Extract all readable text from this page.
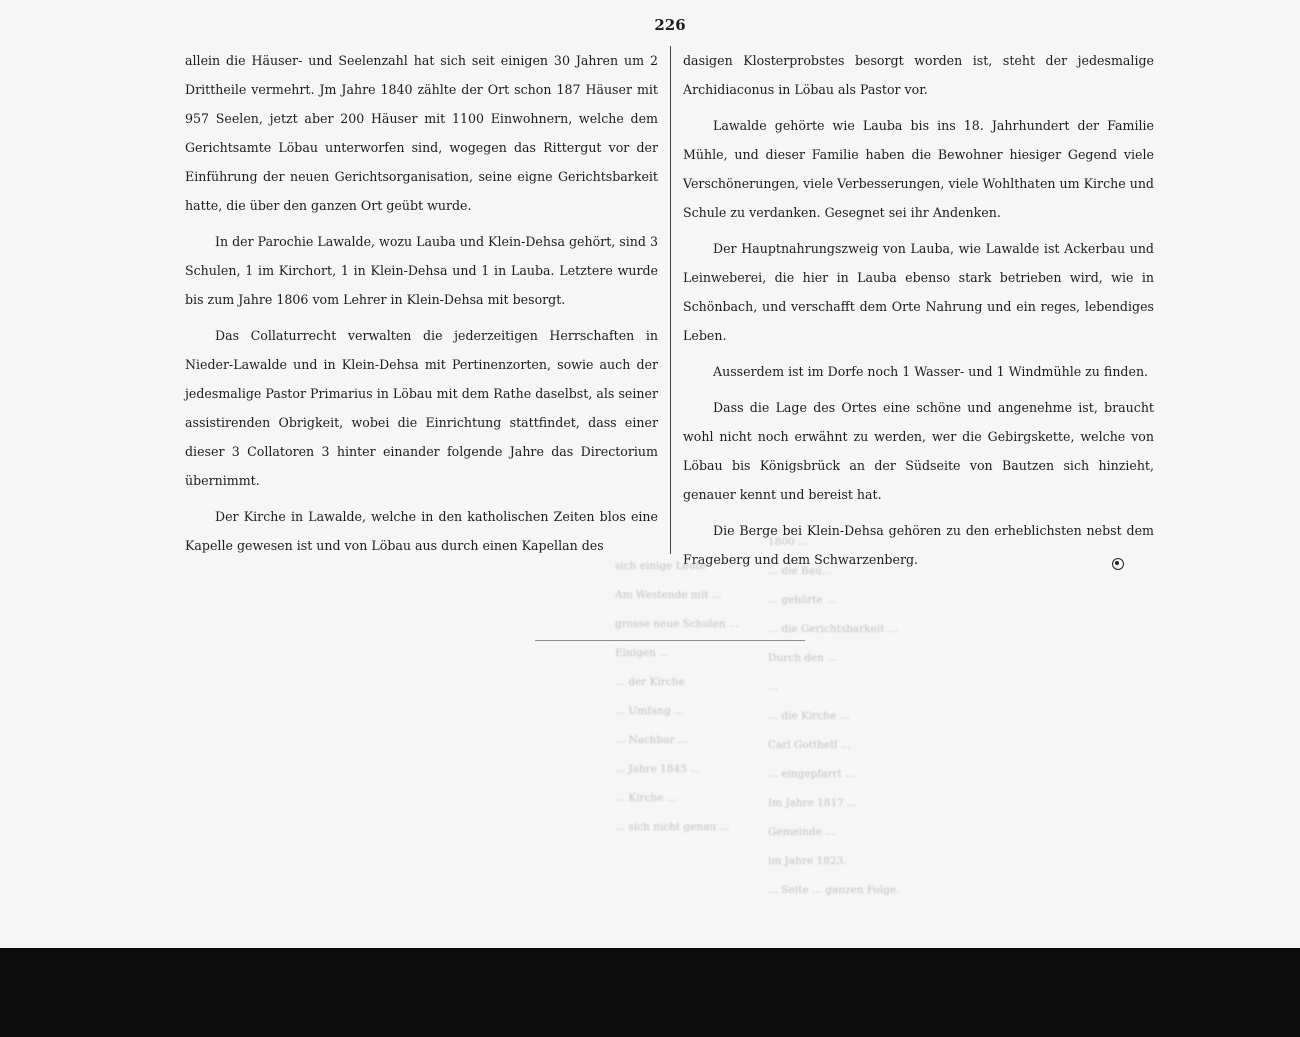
226

allein die Häuser- und Seelenzahl hat sich seit einigen 30 Jahren um 2 Drittheile vermehrt. Jm Jahre 1840 zählte der Ort schon 187 Häuser mit 957 Seelen, jetzt aber 200 Häuser mit 1100 Einwohnern, welche dem Gerichtsamte Löbau unterworfen sind, wogegen das Rittergut vor der Einführung der neuen Gerichtsorganisation, seine eigne Gerichtsbarkeit hatte, die über den ganzen Ort geübt wurde.

In der Parochie Lawalde, wozu Lauba und Klein-Dehsa gehört, sind 3 Schulen, 1 im Kirchort, 1 in Klein-Dehsa und 1 in Lauba. Letztere wurde bis zum Jahre 1806 vom Lehrer in Klein-Dehsa mit besorgt.

Das Collaturrecht verwalten die jederzeitigen Herrschaften in Nieder-Lawalde und in Klein-Dehsa mit Pertinenzorten, sowie auch der jedesmalige Pastor Primarius in Löbau mit dem Rathe daselbst, als seiner assistirenden Obrigkeit, wobei die Einrichtung stattfindet, dass einer dieser 3 Collatoren 3 hinter einander folgende Jahre das Directorium übernimmt.

Der Kirche in Lawalde, welche in den katholischen Zeiten blos eine Kapelle gewesen ist und von Löbau aus durch einen Kapellan des

dasigen Klosterprobstes besorgt worden ist, steht der jedesmalige Archidiaconus in Löbau als Pastor vor.

Lawalde gehörte wie Lauba bis ins 18. Jahrhundert der Familie Mühle, und dieser Familie haben die Bewohner hiesiger Gegend viele Verschönerungen, viele Verbesserungen, viele Wohlthaten um Kirche und Schule zu verdanken. Gesegnet sei ihr Andenken.

Der Hauptnahrungszweig von Lauba, wie Lawalde ist Ackerbau und Leinweberei, die hier in Lauba ebenso stark betrieben wird, wie in Schönbach, und verschafft dem Orte Nahrung und ein reges, lebendiges Leben.

Ausserdem ist im Dorfe noch 1 Wasser- und 1 Windmühle zu finden.

Dass die Lage des Ortes eine schöne und angenehme ist, braucht wohl nicht noch erwähnt zu werden, wer die Gebirgskette, welche von Löbau bis Königsbrück an der Südseite von Bautzen sich hinzieht, genauer kennt und bereist hat.

Die Berge bei Klein-Dehsa gehören zu den erheblichsten nebst dem Frageberg und dem Schwarzenberg.

sich einige Leute
Am Westende mit ...
grosse neue Schulen ...
Einigen ...
... der Kirche
... Umfang ...
... Nachbar ...
... Jahre 1845 ...
... Kirche ...
... sich nicht genau ...
1800 ...
... die Bau...
... gehörte ...
... die Gerichtsbarkeit ...
Durch den ...
...
... die Kirche ...
Carl Gotthelf ...
... eingepfarrt ...
Im Jahre 1817 ...
Gemeinde ...
im Jahre 1823.
... Seite ... ganzen Folge.
